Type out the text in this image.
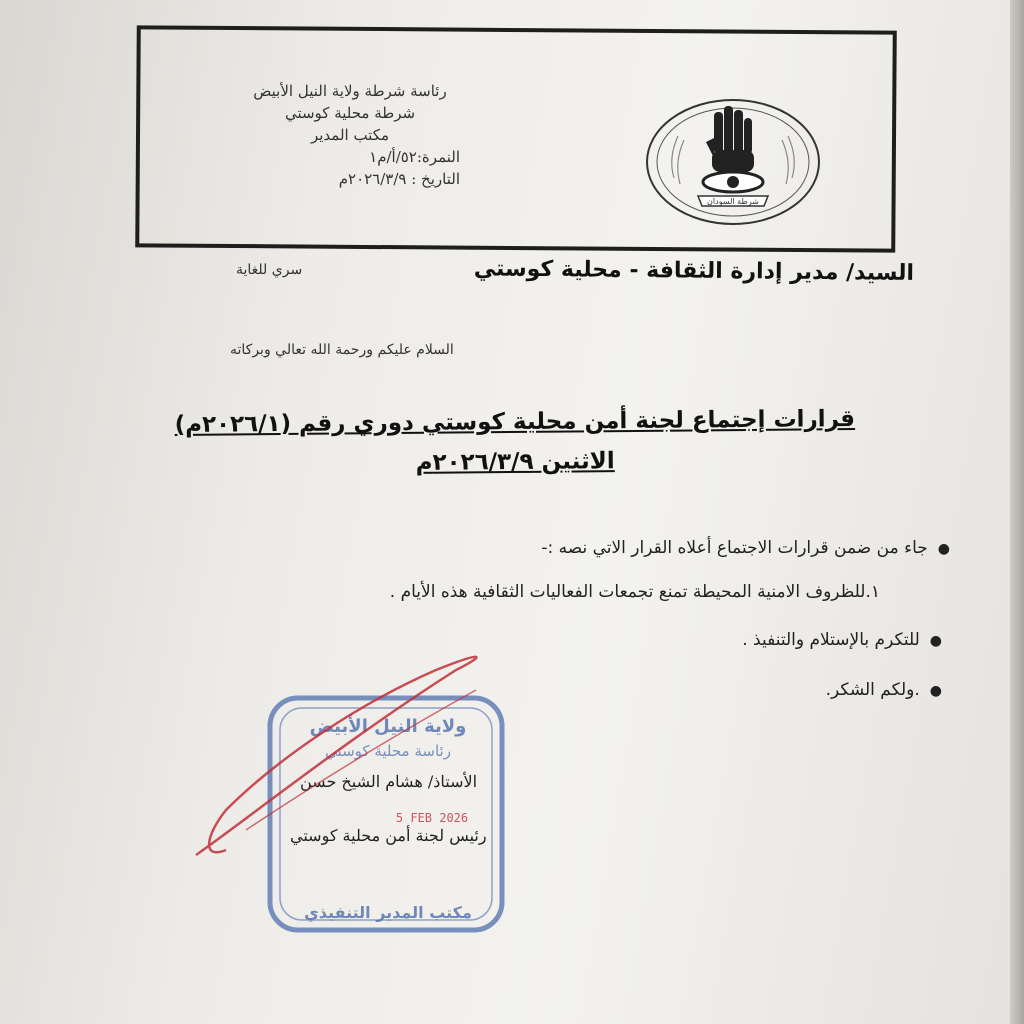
شرطة السودان
رئاسة شرطة ولاية النيل الأبيض
شرطة محلية كوستي
مكتب المدير
النمرة:٥٢/أ/م١
التاريخ : ٢٠٢٦/٣/٩م
السيد/ مدير إدارة الثقافة - محلية كوستي
سري للغاية
السلام عليكم ورحمة الله تعالي وبركاته
قرارات إجتماع لجنة أمن محلية كوستي دوري رقم (٢٠٢٦/١م)
الاثنين ٢٠٢٦/٣/٩م
●جاء من ضمن قرارات الاجتماع أعلاه القرار الاتي نصه :-
١.للظروف الامنية المحيطة تمنع تجمعات الفعاليات الثقافية هذه الأيام .
●للتكرم بالإستلام والتنفيذ .
●.ولكم الشكر.
ولاية النيل الأبيض
رئاسة محلية كوستي
5 FEB 2026
مكتب المدير التنفيذي
الأستاذ/ هشام الشيخ حسن
رئيس لجنة أمن محلية كوستي
